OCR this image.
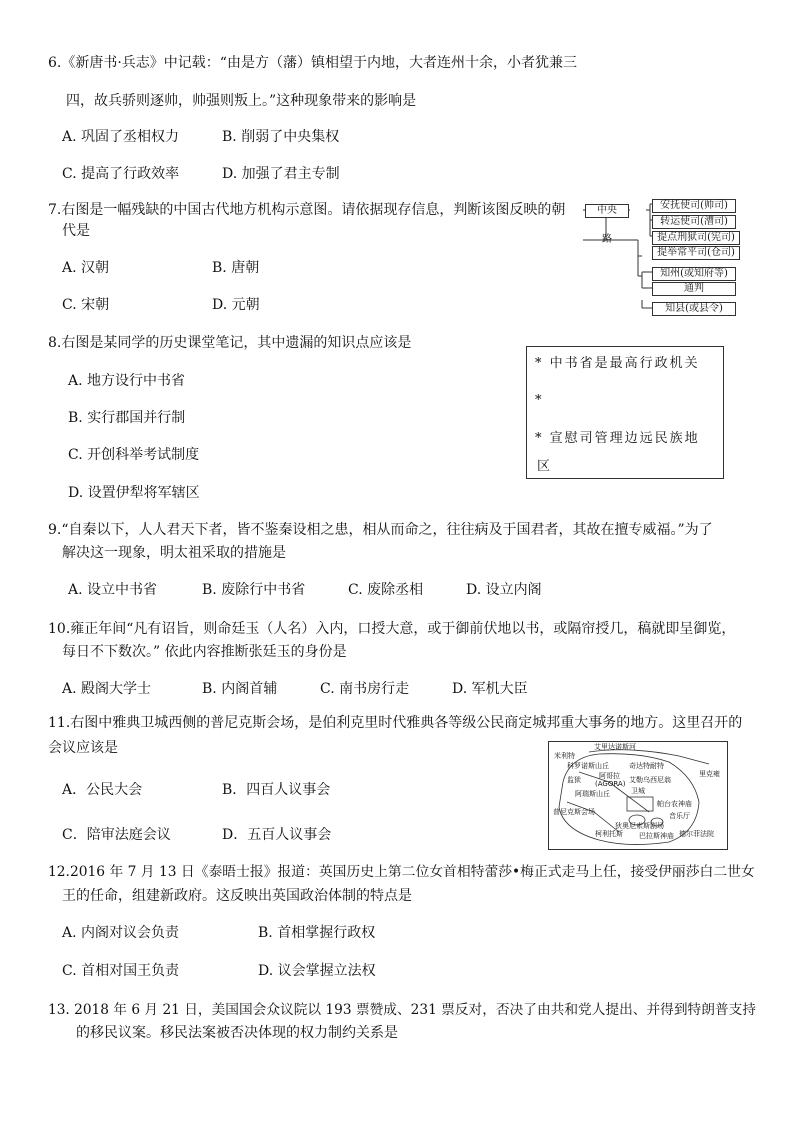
6.《新唐书·兵志》中记载：“由是方（藩）镇相望于内地，大者连州十余，小者犹兼三
四，故兵骄则逐帅，帅强则叛上。”这种现象带来的影响是
A. 巩固了丞相权力	B. 削弱了中央集权
C. 提高了行政效率	D. 加强了君主专制
7.右图是一幅残缺的中国古代地方机构示意图。请依据现存信息，判断该图反映的朝
代是
A. 汉朝	B. 唐朝
C. 宋朝	D. 元朝
中央
路
安抚使司(帅司)
转运使司(漕司)
提点刑狱司(宪司)
提举常平司(仓司)
知州(或知府等)
通判
知县(或县令)
8.右图是某同学的历史课堂笔记，其中遗漏的知识点应该是
A. 地方设行中书省
B. 实行郡国并行制
C. 开创科举考试制度
D. 设置伊犁将军辖区
* 中书省是最高行政机关
*
* 宣慰司管理边远民族地
区
9.“自秦以下，人人君天下者，皆不鉴秦设相之患，相从而命之，往往病及于国君者，其故在擅专威福。”为了
解决这一现象，明太祖采取的措施是
A. 设立中书省	B. 废除行中书省	C. 废除丞相	D. 设立内阁
10.雍正年间“凡有诏旨，则命廷玉（人名）入内，口授大意，或于御前伏地以书，或隔帘授几，稿就即呈御览，
每日不下数次。” 依此内容推断张廷玉的身份是
A. 殿阁大学士	B. 内阁首辅	C. 南书房行走	D. 军机大臣
11.右图中雅典卫城西侧的普尼克斯会场，是伯利克里时代雅典各等级公民商定城邦重大事务的地方。这里召开的
会议应该是
A．公民大会	B．四百人议事会
C．陪审法庭会议	D．五百人议事会
艾里达诺斯河
米利特
科罗诺斯山丘	奇达特耐特
监狱	阿哥拉
(AGORA) 艾勒乌西尼翁
卫城
里克雍
阿瑞斯山丘
帕台农神庙
普尼克斯会场	音乐厅
狄奥尼索斯剧场
柯利托斯 巴拉斯神庙 德尔菲法院
12.2016 年 7 月 13 日《泰晤士报》报道：英国历史上第二位女首相特蕾莎•梅正式走马上任，接受伊丽莎白二世女
王的任命，组建新政府。这反映出英国政治体制的特点是
A. 内阁对议会负责	B. 首相掌握行政权
C. 首相对国王负责	D. 议会掌握立法权
13. 2018 年 6 月 21 日，美国国会众议院以 193 票赞成、231 票反对，否决了由共和党人提出、并得到特朗普支持
的移民议案。移民法案被否决体现的权力制约关系是
